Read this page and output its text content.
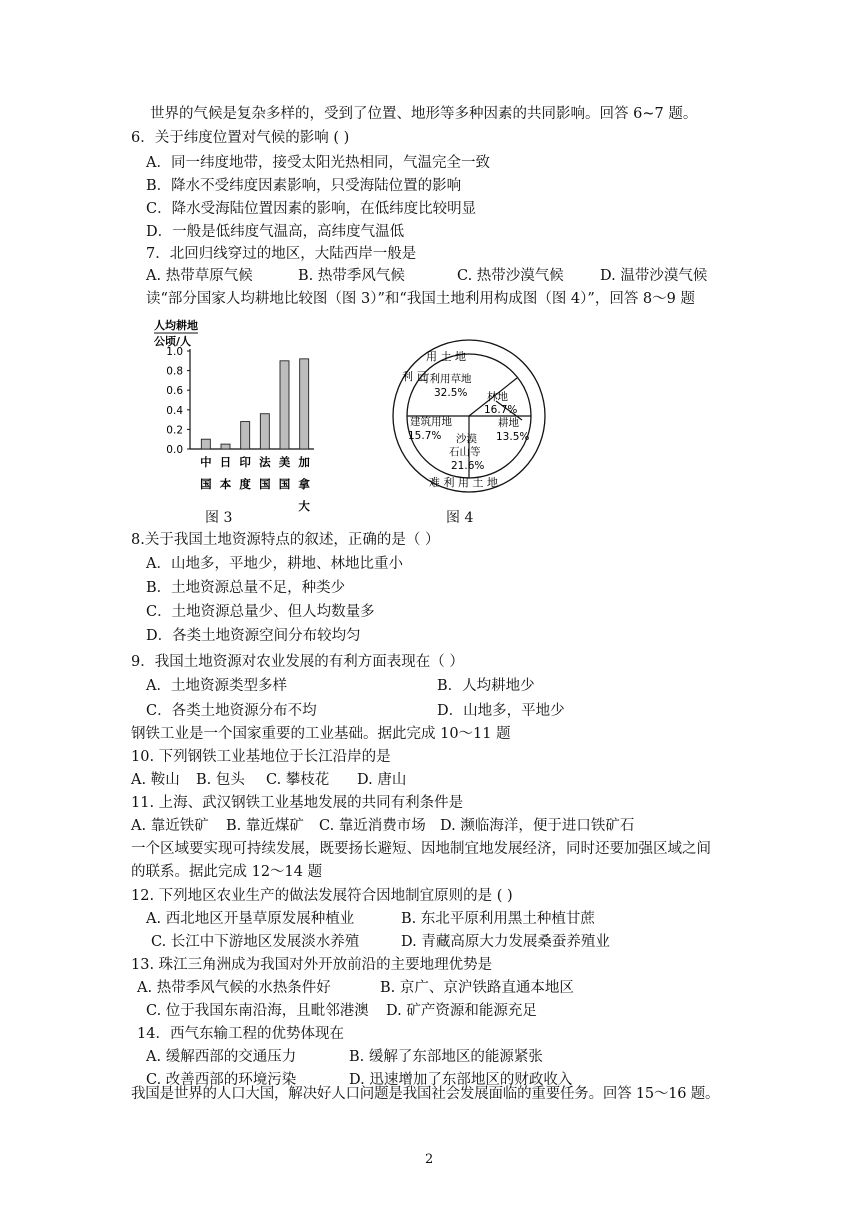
世界的气候是复杂多样的，受到了位置、地形等多种因素的共同影响。回答 6~7 题。
6．关于纬度位置对气候的影响 ( )
A．同一纬度地带，接受太阳光热相同，气温完全一致
B．降水不受纬度因素影响，只受海陆位置的影响
C．降水受海陆位置因素的影响，在低纬度比较明显
D．一般是低纬度气温高，高纬度气温低
7．北回归线穿过的地区，大陆西岸一般是
A. 热带草原气候	B. 热带季风气候	C. 热带沙漠气候 D. 温带沙漠气候
读“部分国家人均耕地比较图（图 3）”和“我国土地利用构成图（图 4）”，回答 8～9 题
人均耕地
公顷/人
1.0
0.8
0.6
0.4
0.2
0.0
中
国
日
本
印
度
法
国
美
国
加
拿
大
图 3
用 土 地
利 已
难 利 用 土 地
可利用草地
32.5% 林地
16.7%
耕地
13.5%
建筑用地
15.7% 沙漠
石山等
21.6%
图 4
8.关于我国土地资源特点的叙述，正确的是（ ）
A．山地多，平地少，耕地、林地比重小
B．土地资源总量不足，种类少
C．土地资源总量少、但人均数量多
D．各类土地资源空间分布较均匀
9．我国土地资源对农业发展的有利方面表现在（ ）
A．土地资源类型多样	B．人均耕地少
C．各类土地资源分布不均	D．山地多，平地少
钢铁工业是一个国家重要的工业基础。据此完成 10～11 题
10. 下列钢铁工业基地位于长江沿岸的是
A. 鞍山 B. 包头 C. 攀枝花 D. 唐山
11. 上海、武汉钢铁工业基地发展的共同有利条件是
A. 靠近铁矿 B. 靠近煤矿 C. 靠近消费市场 D. 濒临海洋，便于进口铁矿石
一个区域要实现可持续发展，既要扬长避短、因地制宜地发展经济，同时还要加强区域之间
的联系。据此完成 12～14 题
12. 下列地区农业生产的做法发展符合因地制宜原则的是 ( )
A. 西北地区开垦草原发展种植业	B. 东北平原利用黑土种植甘蔗
C. 长江中下游地区发展淡水养殖	D. 青藏高原大力发展桑蚕养殖业
13. 珠江三角洲成为我国对外开放前沿的主要地理优势是
A. 热带季风气候的水热条件好	B. 京广、京沪铁路直通本地区
C. 位于我国东南沿海，且毗邻港澳 D. 矿产资源和能源充足
14．西气东输工程的优势体现在
A. 缓解西部的交通压力	B. 缓解了东部地区的能源紧张
C. 改善西部的环境污染	D. 迅速增加了东部地区的财政收入
我国是世界的人口大国，解决好人口问题是我国社会发展面临的重要任务。回答 15～16 题。
2
